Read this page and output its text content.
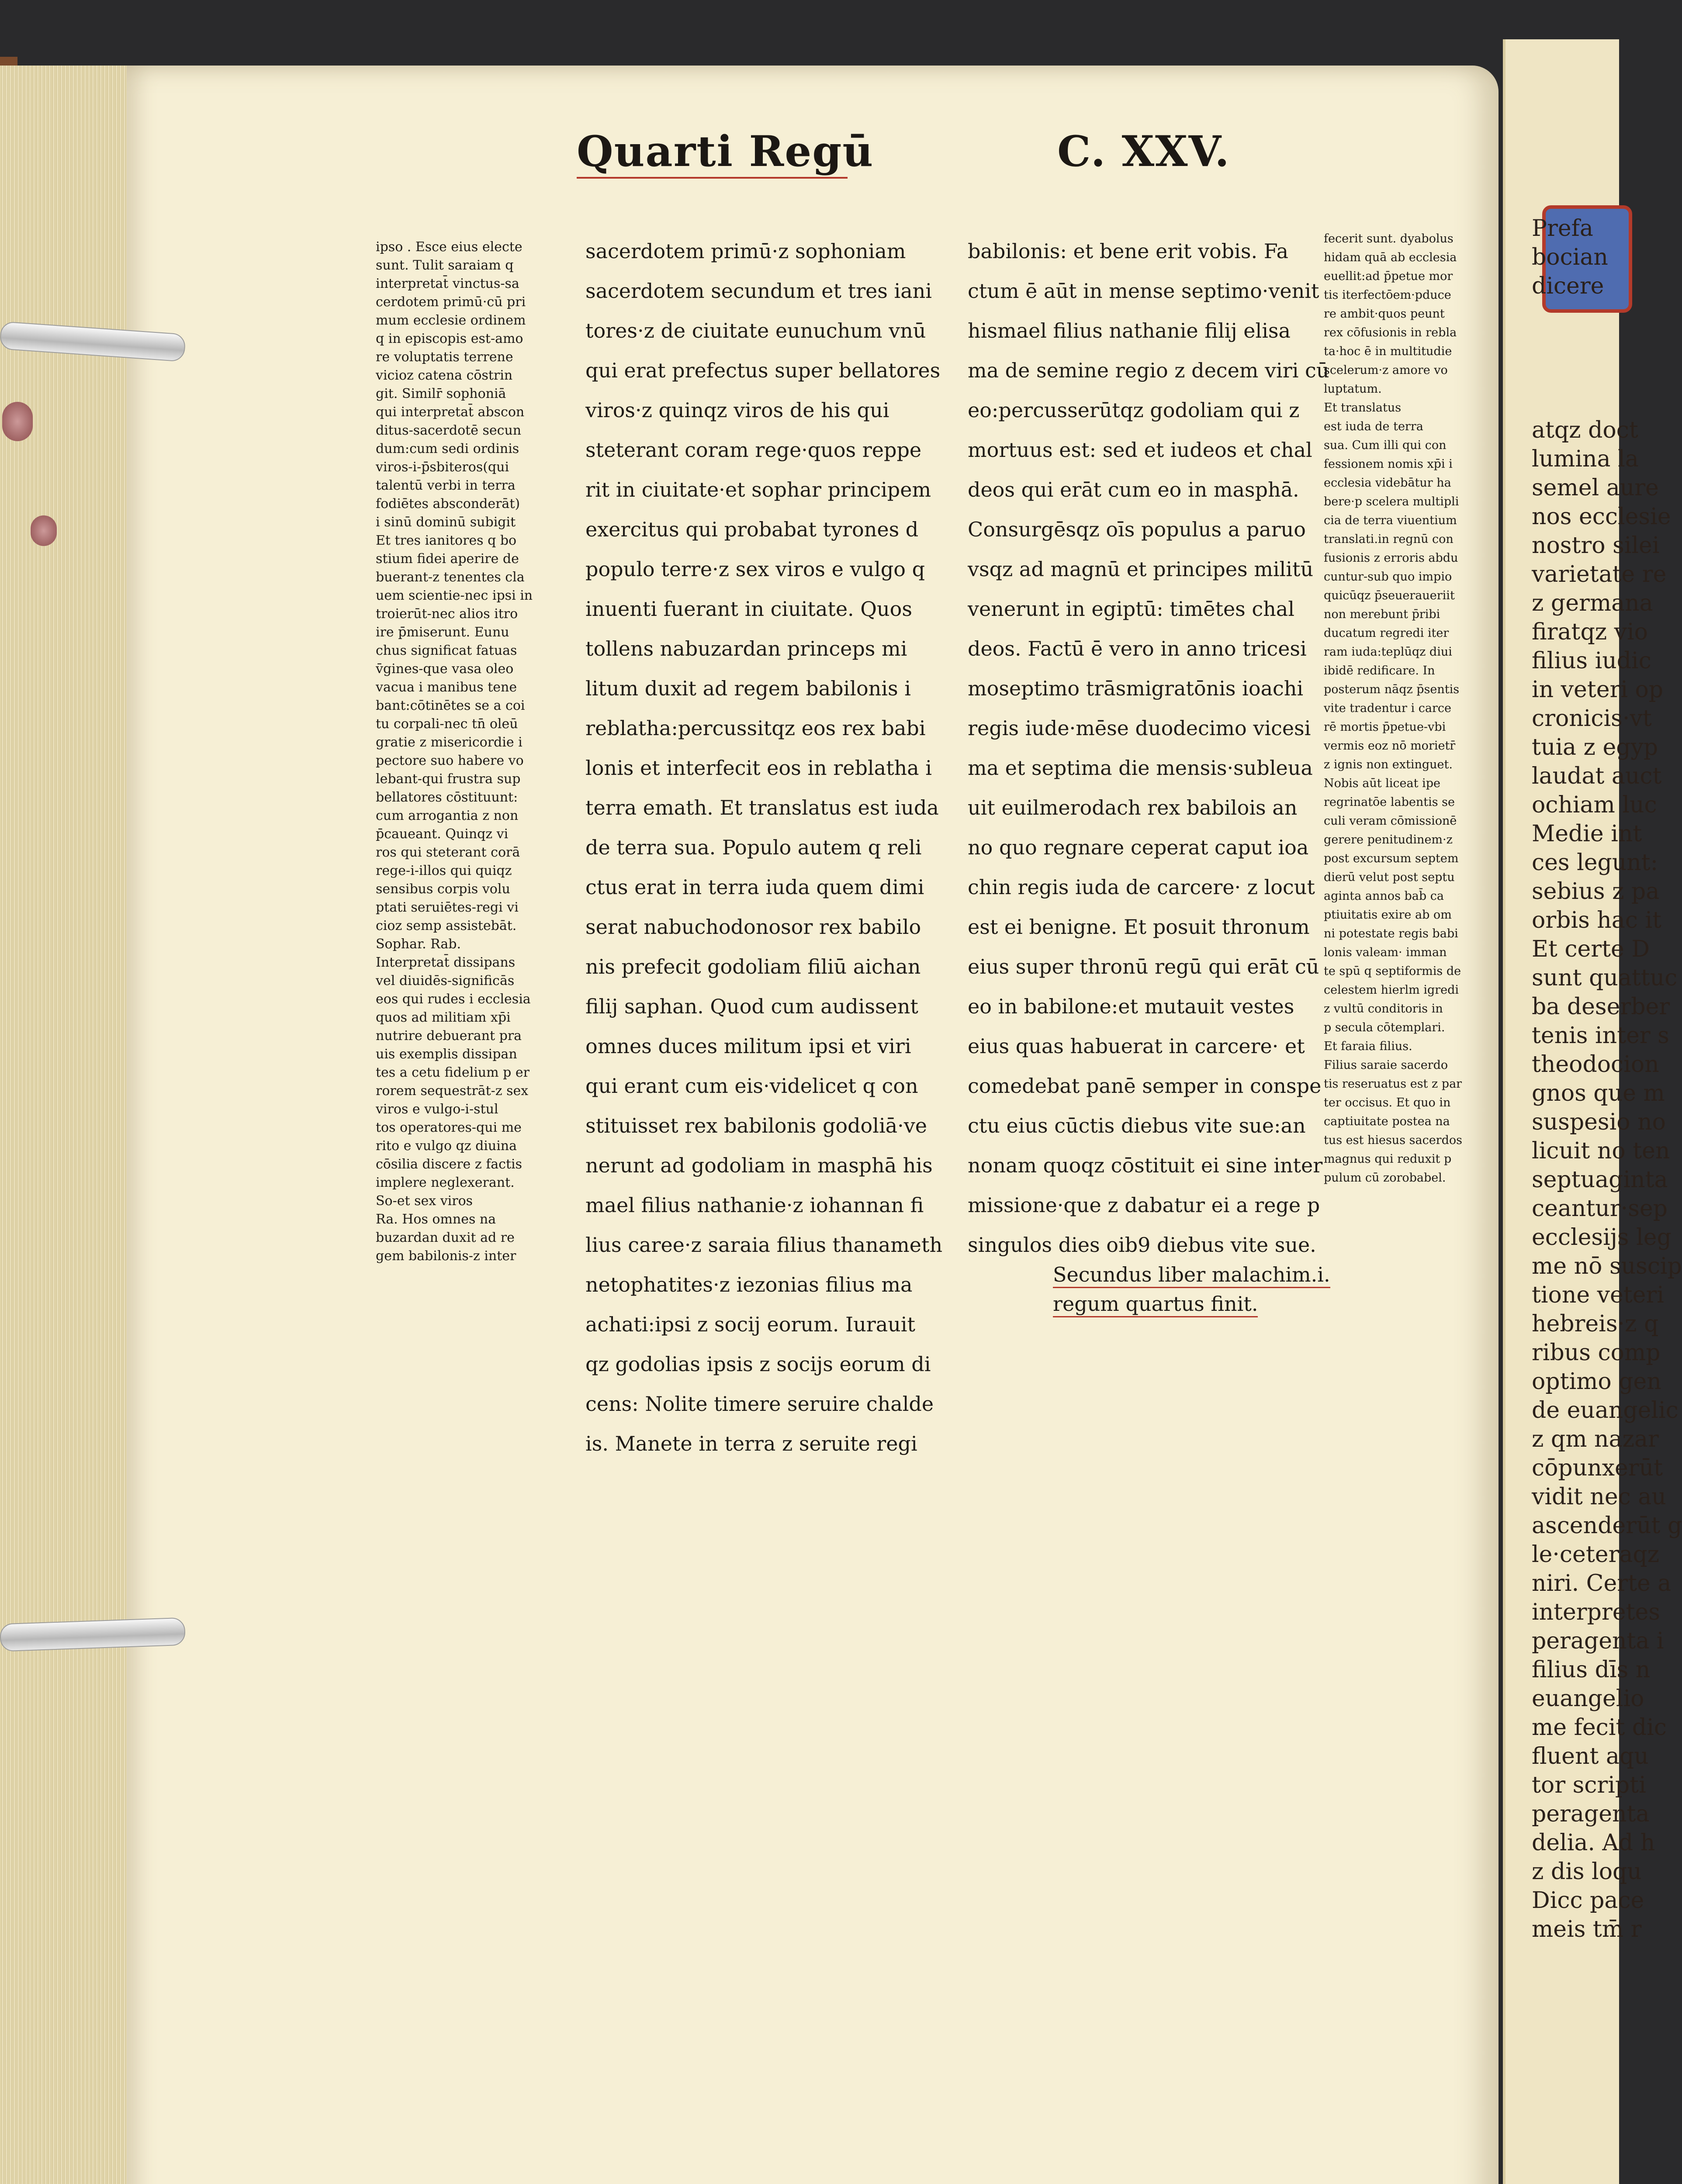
Quarti Regū	C. XXV.
ipso . Esce eius electe
sunt. Tulit saraiam q
interpretat̄ vinctus-sa
cerdotem primū·cū pri
mum ecclesie ordinem
q in episcopis est-amo
re voluptatis terrene
vicioz catena cōstrin
git. Similr̄ sophoniā
qui interpretat̄ abscon
ditus-sacerdotē secun
dum:cum sedi ordinis
viros-i-p̄sbiteros(qui
talentū verbi in terra
fodiētes absconderāt)
i sinū dominū subigit
Et tres ianitores q bo
stium fidei aperire de
buerant-z tenentes cla
uem scientie-nec ipsi in
troierūt-nec alios itro
ire p̄miserunt. Eunu
chus significat fatuas
v̄gines-que vasa oleo
vacua i manibus tene
bant:cōtinētes se a coi
tu corpali-nec tn̄ oleū
gratie z misericordie i
pectore suo habere vo
lebant-qui frustra sup
bellatores cōstituunt:
cum arrogantia z non
p̄caueant. Quinqz vi
ros qui steterant corā
rege-i-illos qui quiqz
sensibus corpis volu
ptati seruiētes-regi vi
cioz semp assistebāt.
Sophar. Rab.
Interpretat̄ dissipans
vel diuidēs-significās
eos qui rudes i ecclesia
quos ad militiam xp̄i
nutrire debuerant pra
uis exemplis dissipan
tes a cetu fidelium p er
rorem sequestrāt-z sex
viros e vulgo-i-stul
tos operatores-qui me
rito e vulgo qz diuina
cōsilia discere z factis
implere neglexerant.
So-et sex viros
Ra. Hos omnes na
buzardan duxit ad re
gem babilonis-z inter
sacerdotem primū·z sophoniam
sacerdotem secundum et tres iani
tores·z de ciuitate eunuchum vnū
qui erat prefectus super bellatores
viros·z quinqz viros de his qui
steterant coram rege·quos reppe
rit in ciuitate·et sophar principem
exercitus qui probabat tyrones d
populo terre·z sex viros e vulgo q
inuenti fuerant in ciuitate. Quos
tollens nabuzardan princeps mi
litum duxit ad regem babilonis i
reblatha:percussitqz eos rex babi
lonis et interfecit eos in reblatha i
terra emath. Et translatus est iuda
de terra sua. Populo autem q reli
ctus erat in terra iuda quem dimi
serat nabuchodonosor rex babilo
nis prefecit godoliam filiū aichan
filij saphan. Quod cum audissent
omnes duces militum ipsi et viri
qui erant cum eis·videlicet q con
stituisset rex babilonis godoliā·ve
nerunt ad godoliam in masphā his
mael filius nathanie·z iohannan fi
lius caree·z saraia filius thanameth
netophatites·z iezonias filius ma
achati:ipsi z socij eorum. Iurauit
qz godolias ipsis z socijs eorum di
cens: Nolite timere seruire chalde
is. Manete in terra z seruite regi
babilonis: et bene erit vobis. Fa
ctum ē aūt in mense septimo·venit
hismael filius nathanie filij elisa
ma de semine regio z decem viri cū
eo:percusserūtqz godoliam qui z
mortuus est: sed et iudeos et chal
deos qui erāt cum eo in masphā.
Consurgēsqz oīs populus a paruo
vsqz ad magnū et principes militū
venerunt in egiptū: timētes chal
deos. Factū ē vero in anno tricesi
moseptimo trāsmigratōnis ioachi
regis iude·mēse duodecimo vicesi
ma et septima die mensis·subleua
uit euilmerodach rex babilois an
no quo regnare ceperat caput ioa
chin regis iuda de carcere· z locut
est ei benigne. Et posuit thronum
eius super thronū regū qui erāt cū
eo in babilone:et mutauit vestes
eius quas habuerat in carcere· et
comedebat panē semper in conspe
ctu eius cūctis diebus vite sue:an
nonam quoqz cōstituit ei sine inter
missione·que z dabatur ei a rege p
singulos dies oib9 diebus vite sue.
fecerit sunt. dyabolus
hidam quā ab ecclesia
euellit:ad p̄petue mor
tis iterfectōem·pduce
re ambit·quos peunt
rex cōfusionis in rebla
ta·hoc ē in multitudie
scelerum·z amore vo
luptatum.
Et translatus
est iuda de terra
sua. Cum illi qui con
fessionem nomis xp̄i i
ecclesia videbātur ha
bere·p scelera multipli
cia de terra viuentium
translati.in regnū con
fusionis z erroris abdu
cuntur-sub quo impio
quicūqz p̄seueraueriit
non merebunt p̄ribi
ducatum regredi iter
ram iuda:teplūqz diui
ibidē redificare. In
posterum nāqz p̄sentis
vite tradentur i carce
rē mortis p̄petue-vbi
vermis eoz nō morietr̄
z ignis non extinguet.
Nobis aūt liceat ipe
regrinatōe labentis se
culi veram cōmissionē
gerere penitudinem·z
post excursum septem
dierū velut post septu
aginta annos bab̄ ca
ptiuitatis exire ab om
ni potestate regis babi
lonis valeam· imman
te spū q septiformis de
celestem hierlm igredi
z vultū conditoris in
p secula cōtemplari.
Et faraia filius.
Filius saraie sacerdo
tis reseruatus est z par
ter occisus. Et quo in
captiuitate postea na
tus est hiesus sacerdos
magnus qui reduxit p
pulum cū zorobabel.
Secundus liber malachim.i.
regum quartus finit.
Prefa
bocian
dicere
atqz doct
lumina la
semel aure
nos ecclesie
nostro silei
varietate re
z germana
firatqz vio
filius iudic
in veteri op
cronicis·vt
tuia z egyp
laudat auct
ochiam luc
Medie int
ces legunt:
sebius z pa
orbis hac it
Et certe D
sunt quattuc
ba deserber
tenis inter s
theodocion
gnos que m
suspesio no
licuit no ten
septuaginta
ceantur·sep
ecclesijs leg
me nō suscip
tione veteri
hebreis·z q
ribus comp
optimo gen
de euangelic
z qm nazar
cōpunxerūt
vidit nec au
ascenderūt g
le·ceteraqz
niri. Certe a
interpretes
peragenta i
filius dīs n
euangelio
me fecit dic
fluent aqu
tor scripti
peragenta
delia. Ad h
z dis loqu
Dicc pace
meis tm̄ r
